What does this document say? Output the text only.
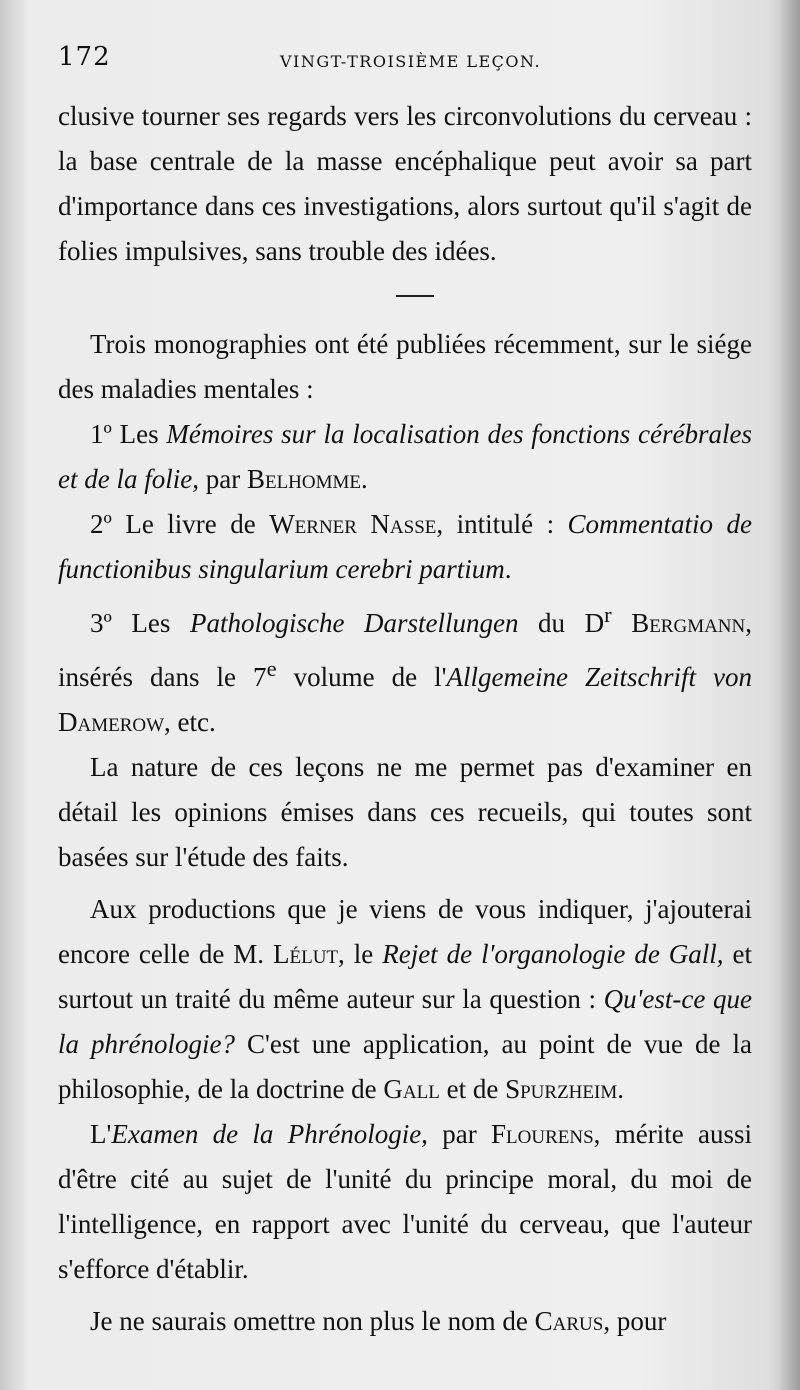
172	VINGT-TROISIÈME LEÇON.

clusive tourner ses regards vers les circonvolutions du cerveau : la base centrale de la masse encéphalique peut avoir sa part d'importance dans ces investigations, alors surtout qu'il s'agit de folies impulsives, sans trouble des idées.

Trois monographies ont été publiées récemment, sur le siége des maladies mentales :

1º Les Mémoires sur la localisation des fonctions cérébrales et de la folie, par Belhomme.

2º Le livre de Werner Nasse, intitulé : Commentatio de functionibus singularium cerebri partium.

3º Les Pathologische Darstellungen du $D^r$ Bergmann, insérés dans le 7e volume de l'Allgemeine Zeitschrift von Damerow, etc.

La nature de ces leçons ne me permet pas d'examiner en détail les opinions émises dans ces recueils, qui toutes sont basées sur l'étude des faits.

Aux productions que je viens de vous indiquer, j'ajouterai encore celle de M. Lélut, le Rejet de l'organologie de Gall, et surtout un traité du même auteur sur la question : Qu'est-ce que la phrénologie? C'est une application, au point de vue de la philosophie, de la doctrine de Gall et de Spurzheim.

L'Examen de la Phrénologie, par Flourens, mérite aussi d'être cité au sujet de l'unité du principe moral, du moi de l'intelligence, en rapport avec l'unité du cerveau, que l'auteur s'efforce d'établir.

Je ne saurais omettre non plus le nom de Carus, pour
